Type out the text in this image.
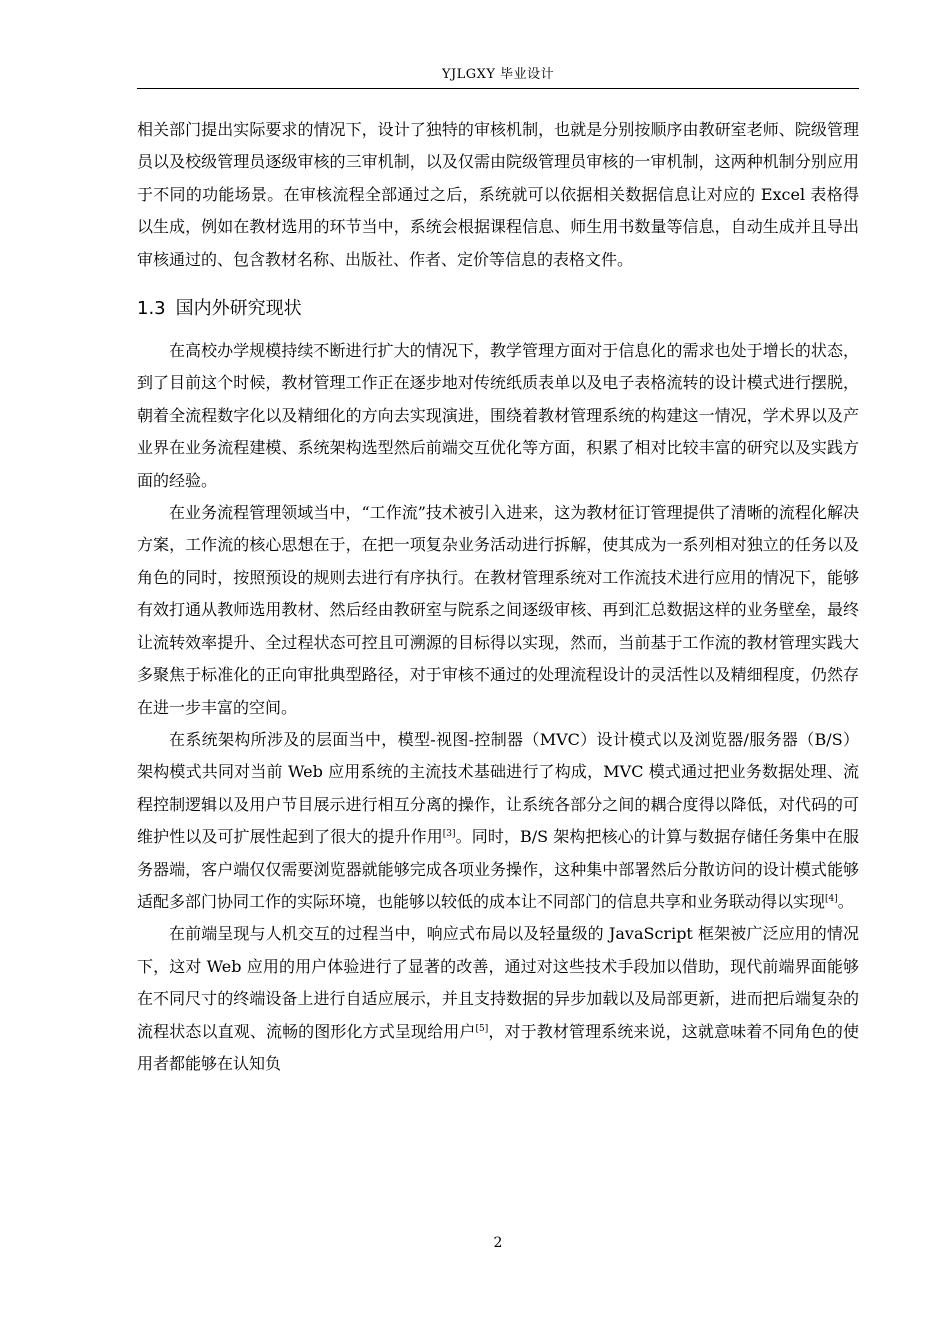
YJLGXY 毕业设计

相关部门提出实际要求的情况下，设计了独特的审核机制，也就是分别按顺序由教研室老师、院级管理员以及校级管理员逐级审核的三审机制，以及仅需由院级管理员审核的一审机制，这两种机制分别应用于不同的功能场景。在审核流程全部通过之后，系统就可以依据相关数据信息让对应的 Excel 表格得以生成，例如在教材选用的环节当中，系统会根据课程信息、师生用书数量等信息，自动生成并且导出审核通过的、包含教材名称、出版社、作者、定价等信息的表格文件。

1.3 国内外研究现状

在高校办学规模持续不断进行扩大的情况下，教学管理方面对于信息化的需求也处于增长的状态，到了目前这个时候，教材管理工作正在逐步地对传统纸质表单以及电子表格流转的设计模式进行摆脱，朝着全流程数字化以及精细化的方向去实现演进，围绕着教材管理系统的构建这一情况，学术界以及产业界在业务流程建模、系统架构选型然后前端交互优化等方面，积累了相对比较丰富的研究以及实践方面的经验。

在业务流程管理领域当中，“工作流”技术被引入进来，这为教材征订管理提供了清晰的流程化解决方案，工作流的核心思想在于，在把一项复杂业务活动进行拆解，使其成为一系列相对独立的任务以及角色的同时，按照预设的规则去进行有序执行。在教材管理系统对工作流技术进行应用的情况下，能够有效打通从教师选用教材、然后经由教研室与院系之间逐级审核、再到汇总数据这样的业务壁垒，最终让流转效率提升、全过程状态可控且可溯源的目标得以实现，然而，当前基于工作流的教材管理实践大多聚焦于标准化的正向审批典型路径，对于审核不通过的处理流程设计的灵活性以及精细程度，仍然存在进一步丰富的空间。

在系统架构所涉及的层面当中，模型-视图-控制器（MVC）设计模式以及浏览器/服务器（B/S）架构模式共同对当前 Web 应用系统的主流技术基础进行了构成，MVC 模式通过把业务数据处理、流程控制逻辑以及用户节目展示进行相互分离的操作，让系统各部分之间的耦合度得以降低，对代码的可维护性以及可扩展性起到了很大的提升作用[3]。同时，B/S 架构把核心的计算与数据存储任务集中在服务器端，客户端仅仅需要浏览器就能够完成各项业务操作，这种集中部署然后分散访问的设计模式能够适配多部门协同工作的实际环境，也能够以较低的成本让不同部门的信息共享和业务联动得以实现[4]。

在前端呈现与人机交互的过程当中，响应式布局以及轻量级的 JavaScript 框架被广泛应用的情况下，这对 Web 应用的用户体验进行了显著的改善，通过对这些技术手段加以借助，现代前端界面能够在不同尺寸的终端设备上进行自适应展示，并且支持数据的异步加载以及局部更新，进而把后端复杂的流程状态以直观、流畅的图形化方式呈现给用户[5]，对于教材管理系统来说，这就意味着不同角色的使用者都能够在认知负

2
